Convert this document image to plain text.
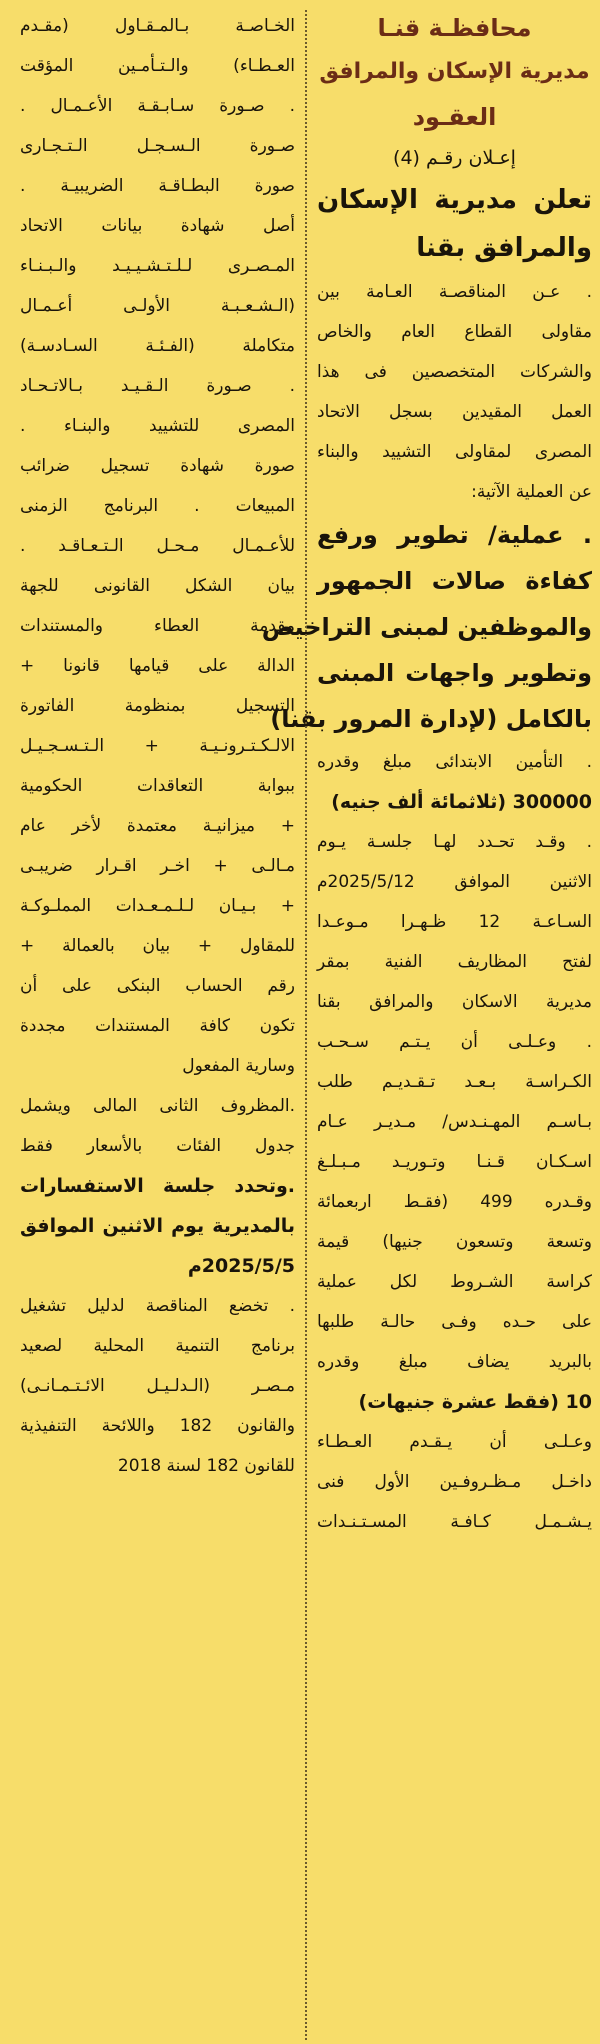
محافظـة قنـا
مديرية الإسكان والمرافق
العقـود
إعـلان رقـم (4)
تعلن مديرية الإسكان
والمرافق بقنا
. عـن المناقصـة العـامة بين
مقاولى القطاع العام والخاص
والشركات المتخصصين فى هذا
العمل المقيدين بسجل الاتحاد
المصرى لمقاولى التشييد والبناء
عن العملية الآتية:
. عملية/ تطوير ورفع
كفاءة صالات الجمهور
والموظفين لمبنى التراخيص
وتطوير واجهات المبنى
بالكامل (لإدارة المرور بقنا)
. التأمين الابتدائى مبلغ وقدره
300000 (ثلاثمائة ألف جنيه)
. وقـد تحـدد لهـا جلسـة يـوم
الاثنين الموافق 2025/5/12م
السـاعـة 12 ظـهـرا مـوعـدا
لفتح المظاريف الفنية بمقر
مديرية الاسكان والمرافق بقنا
. وعـلـى أن يـتـم سـحـب
الكـراسـة بـعـد تـقـديـم طلب
بـاسـم المهـنـدس/ مـديـر عـام
اسـكـان قـنـا وتـوريـد مـبـلـغ
وقـدره 499 (فقـط اربعمائة
وتسعة وتسعون جنيها) قيمة
كراسة الشـروط لكل عملية
على حـده وفـى حالـة طلبها
بالبريد يضاف مبلغ وقدره
10 (فقط عشرة جنيهات)
وعـلـى أن يـقـدم العـطـاء
داخـل مـظـروفـين الأول فنى
يـشـمـل كـافـة المسـتـنـدات
الخـاصـة بـالمـقـاول (مقـدم
العـطـاء) والـتـأمـين المؤقت
. صـورة سـابـقـة الأعـمـال .
صـورة الـسـجـل الـتـجـارى
صورة البطـاقـة الضريبيـة .
أصل شهادة بيانات الاتحاد
المـصـرى لـلـتـشـيـيـد والـبـنـاء
(الـشـعـبـة الأولـى أعـمـال
متكاملة (الفـئـة السـادسـة)
. صـورة الـقـيـد بـالاتـحـاد
المصرى للتشييد والبنـاء .
صورة شهادة تسجيل ضرائب
المبيعات . البرنامج الزمنى
للأعـمـال مـحـل الـتـعـاقـد .
بيان الشكل القانونى للجهة
مقدمة العطاء والمستندات
الدالة على قيامها قانونا +
التسجيل بمنظومة الفاتورة
الالـكـتـرونـيـة + الـتـسـجـيـل
ببوابة التعاقدات الحكومية
+ ميزانيـة معتمدة لأخر عام
مـالـى + اخـر اقـرار ضريبـى
+ بـيـان لـلـمـعـدات المملـوكـة
للمقاول + بيان بالعمالة +
رقم الحساب البنكى على أن
تكون كافة المستندات مجددة
وسارية المفعول
.المظروف الثانى المالى ويشمل
جدول الفئات بالأسعار فقط
.وتحدد جلسة الاستفسارات
بالمديرية يوم الاثنين الموافق
2025/5/5م
. تخضع المناقصة لدليل تشغيل
برنامج التنمية المحلية لصعيد
مـصـر (الـدلـيـل الائـتـمـانـى)
والقانون 182 واللائحة التنفيذية
للقانون 182 لسنة 2018
